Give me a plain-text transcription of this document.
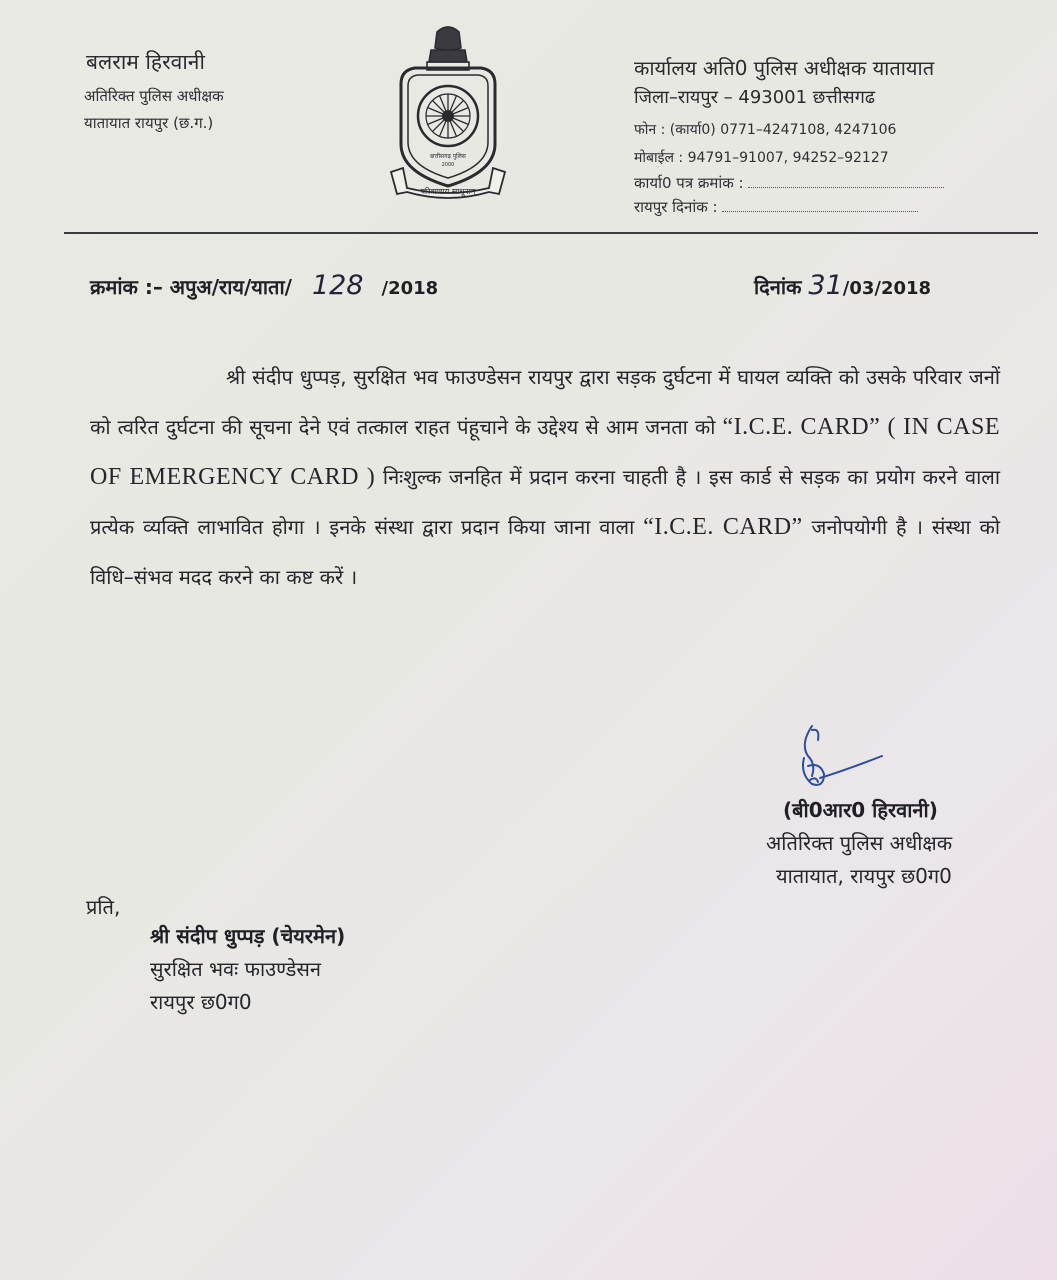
बलराम हिरवानी
अतिरिक्त पुलिस अधीक्षक
यातायात रायपुर (छ.ग.)
छत्तीसगढ़ पुलिस
2000
परित्राणाय साधूनाम्
कार्यालय अति0 पुलिस अधीक्षक यातायात
जिला–रायपुर – 493001 छत्तीसगढ
फोन : (कार्या0) 0771–4247108, 4247106
मोबाईल : 94791–91007, 94252–92127
कार्या0 पत्र क्रमांक :
रायपुर दिनांक :
क्रमांक :– अपुअ/राय/याता/ 128 /2018	दिनांक 31/03/2018
श्री संदीप धुप्पड़, सुरक्षित भव फाउण्डेसन रायपुर द्वारा सड़क दुर्घटना में घायल व्यक्ति को उसके परिवार जनों को त्वरित दुर्घटना की सूचना देने एवं तत्काल राहत पंहूचाने के उद्देश्य से आम जनता को “I.C.E. CARD” ( IN CASE OF EMERGENCY CARD ) निःशुल्क जनहित में प्रदान करना चाहती है । इस कार्ड से सड़क का प्रयोग करने वाला प्रत्येक व्यक्ति लाभावित होगा । इनके संस्था द्वारा प्रदान किया जाना वाला “I.C.E. CARD” जनोपयोगी है । संस्था को विधि–संभव मदद करने का कष्ट करें ।
(बी0आर0 हिरवानी)
अतिरिक्त पुलिस अधीक्षक
यातायात, रायपुर छ0ग0
प्रति,
श्री संदीप धुप्पड़ (चेयरमेन)
सुरक्षित भवः फाउण्डेसन
रायपुर छ0ग0
